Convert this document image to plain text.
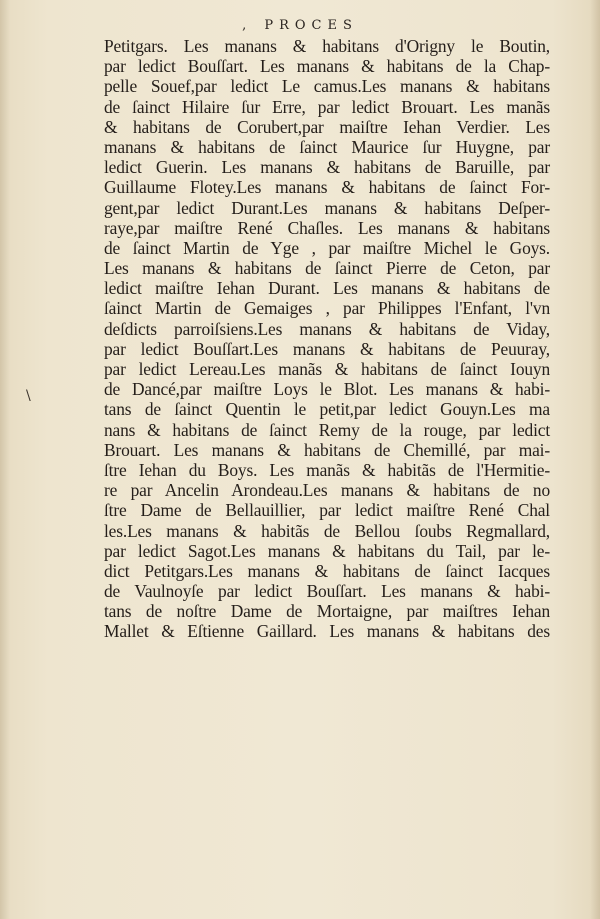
, PROCES
\
Petitgars. Les manans & habitans d'Origny le Boutin,
par ledict Bouſſart. Les manans & habitans de la Chap-
pelle Souef,par ledict Le camus.Les manans & habitans
de ſainct Hilaire ſur Erre, par ledict Brouart. Les manãs
& habitans de Corubert,par maiſtre Iehan Verdier. Les
manans & habitans de ſainct Maurice ſur Huygne, par
ledict Guerin. Les manans & habitans de Baruille, par
Guillaume Flotey.Les manans & habitans de ſainct For-
gent,par ledict Durant.Les manans & habitans Deſper-
raye,par maiſtre René Chaſles. Les manans & habitans
de ſainct Martin de Yge , par maiſtre Michel le Goys.
Les manans & habitans de ſainct Pierre de Ceton, par
ledict maiſtre Iehan Durant. Les manans & habitans de
ſainct Martin de Gemaiges , par Philippes l'Enfant, l'vn
deſdicts parroiſsiens.Les manans & habitans de Viday,
par ledict Bouſſart.Les manans & habitans de Peuuray,
par ledict Lereau.Les manãs & habitans de ſainct Iouyn
de Dancé,par maiſtre Loys le Blot. Les manans & habi-
tans de ſainct Quentin le petit,par ledict Gouyn.Les ma
nans & habitans de ſainct Remy de la rouge, par ledict
Brouart. Les manans & habitans de Chemillé, par mai-
ſtre Iehan du Boys. Les manãs & habitãs de l'Hermitie-
re par Ancelin Arondeau.Les manans & habitans de no
ſtre Dame de Bellauillier, par ledict maiſtre René Chal
les.Les manans & habitãs de Bellou ſoubs Regmallard,
par ledict Sagot.Les manans & habitans du Tail, par le-
dict Petitgars.Les manans & habitans de ſainct Iacques
de Vaulnoyſe par ledict Bouſſart. Les manans & habi-
tans de noſtre Dame de Mortaigne, par maiſtres Iehan
Mallet & Eſtienne Gaillard. Les manans & habitans des
